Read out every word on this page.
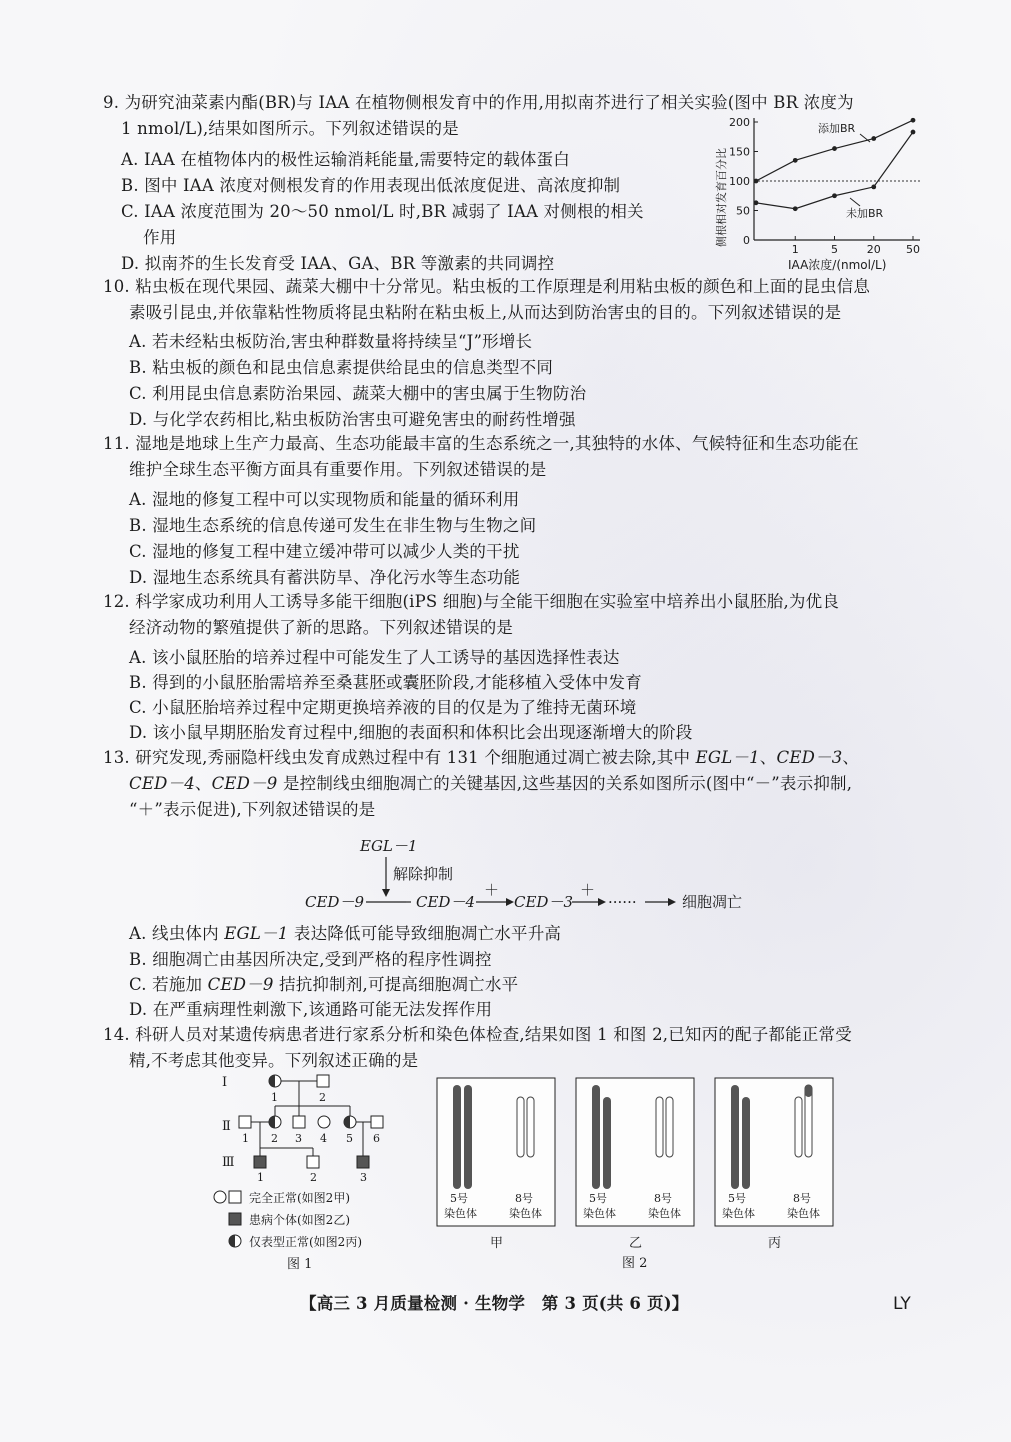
9. 为研究油菜素内酯(BR)与 IAA 在植物侧根发育中的作用,用拟南芥进行了相关实验(图中 BR 浓度为
1 nmol/L),结果如图所示。下列叙述错误的是
A. IAA 在植物体内的极性运输消耗能量,需要特定的载体蛋白
B. 图中 IAA 浓度对侧根发育的作用表现出低浓度促进、高浓度抑制
C. IAA 浓度范围为 20～50 nmol/L 时,BR 减弱了 IAA 对侧根的相关
作用
D. 拟南芥的生长发育受 IAA、GA、BR 等激素的共同调控
侧根相对发育百分比 0
50
100
150
200
1	5	20 50
添加BR
未加BR
IAA浓度/(nmol/L)
10. 粘虫板在现代果园、蔬菜大棚中十分常见。粘虫板的工作原理是利用粘虫板的颜色和上面的昆虫信息
素吸引昆虫,并依靠粘性物质将昆虫粘附在粘虫板上,从而达到防治害虫的目的。下列叙述错误的是
A. 若未经粘虫板防治,害虫种群数量将持续呈“J”形增长
B. 粘虫板的颜色和昆虫信息素提供给昆虫的信息类型不同
C. 利用昆虫信息素防治果园、蔬菜大棚中的害虫属于生物防治
D. 与化学农药相比,粘虫板防治害虫可避免害虫的耐药性增强
11. 湿地是地球上生产力最高、生态功能最丰富的生态系统之一,其独特的水体、气候特征和生态功能在
维护全球生态平衡方面具有重要作用。下列叙述错误的是
A. 湿地的修复工程中可以实现物质和能量的循环利用
B. 湿地生态系统的信息传递可发生在非生物与生物之间
C. 湿地的修复工程中建立缓冲带可以减少人类的干扰
D. 湿地生态系统具有蓄洪防旱、净化污水等生态功能
12. 科学家成功利用人工诱导多能干细胞(iPS 细胞)与全能干细胞在实验室中培养出小鼠胚胎,为优良
经济动物的繁殖提供了新的思路。下列叙述错误的是
A. 该小鼠胚胎的培养过程中可能发生了人工诱导的基因选择性表达
B. 得到的小鼠胚胎需培养至桑葚胚或囊胚阶段,才能移植入受体中发育
C. 小鼠胚胎培养过程中定期更换培养液的目的仅是为了维持无菌环境
D. 该小鼠早期胚胎发育过程中,细胞的表面积和体积比会出现逐渐增大的阶段
13. 研究发现,秀丽隐杆线虫发育成熟过程中有 131 个细胞通过凋亡被去除,其中 EGL－1、CED－3、
CED－4、CED－9 是控制线虫细胞凋亡的关键基因,这些基因的关系如图所示(图中“－”表示抑制,
“＋”表示促进),下列叙述错误的是
EGL－1
解除抑制
CED－9	CED－4
＋
CED－3
＋
······	细胞凋亡
A. 线虫体内 EGL－1 表达降低可能导致细胞凋亡水平升高
B. 细胞凋亡由基因所决定,受到严格的程序性调控
C. 若施加 CED－9 拮抗抑制剂,可提高细胞凋亡水平
D. 在严重病理性刺激下,该通路可能无法发挥作用
14. 科研人员对某遗传病患者进行家系分析和染色体检查,结果如图 1 和图 2,已知丙的配子都能正常受
精,不考虑其他变异。下列叙述正确的是
Ⅰ
Ⅱ
Ⅲ
1	2
1 2 3 4 5 6
1	2	3
完全正常(如图2甲)
患病个体(如图2乙)
仅表型正常(如图2丙)
图 1
5号
染色体
8号
染色体
甲
5号
染色体
8号
染色体
乙
5号
染色体
8号
染色体
丙
图 2
【高三 3 月质量检测 · 生物学　第 3 页(共 6 页)】	LY
